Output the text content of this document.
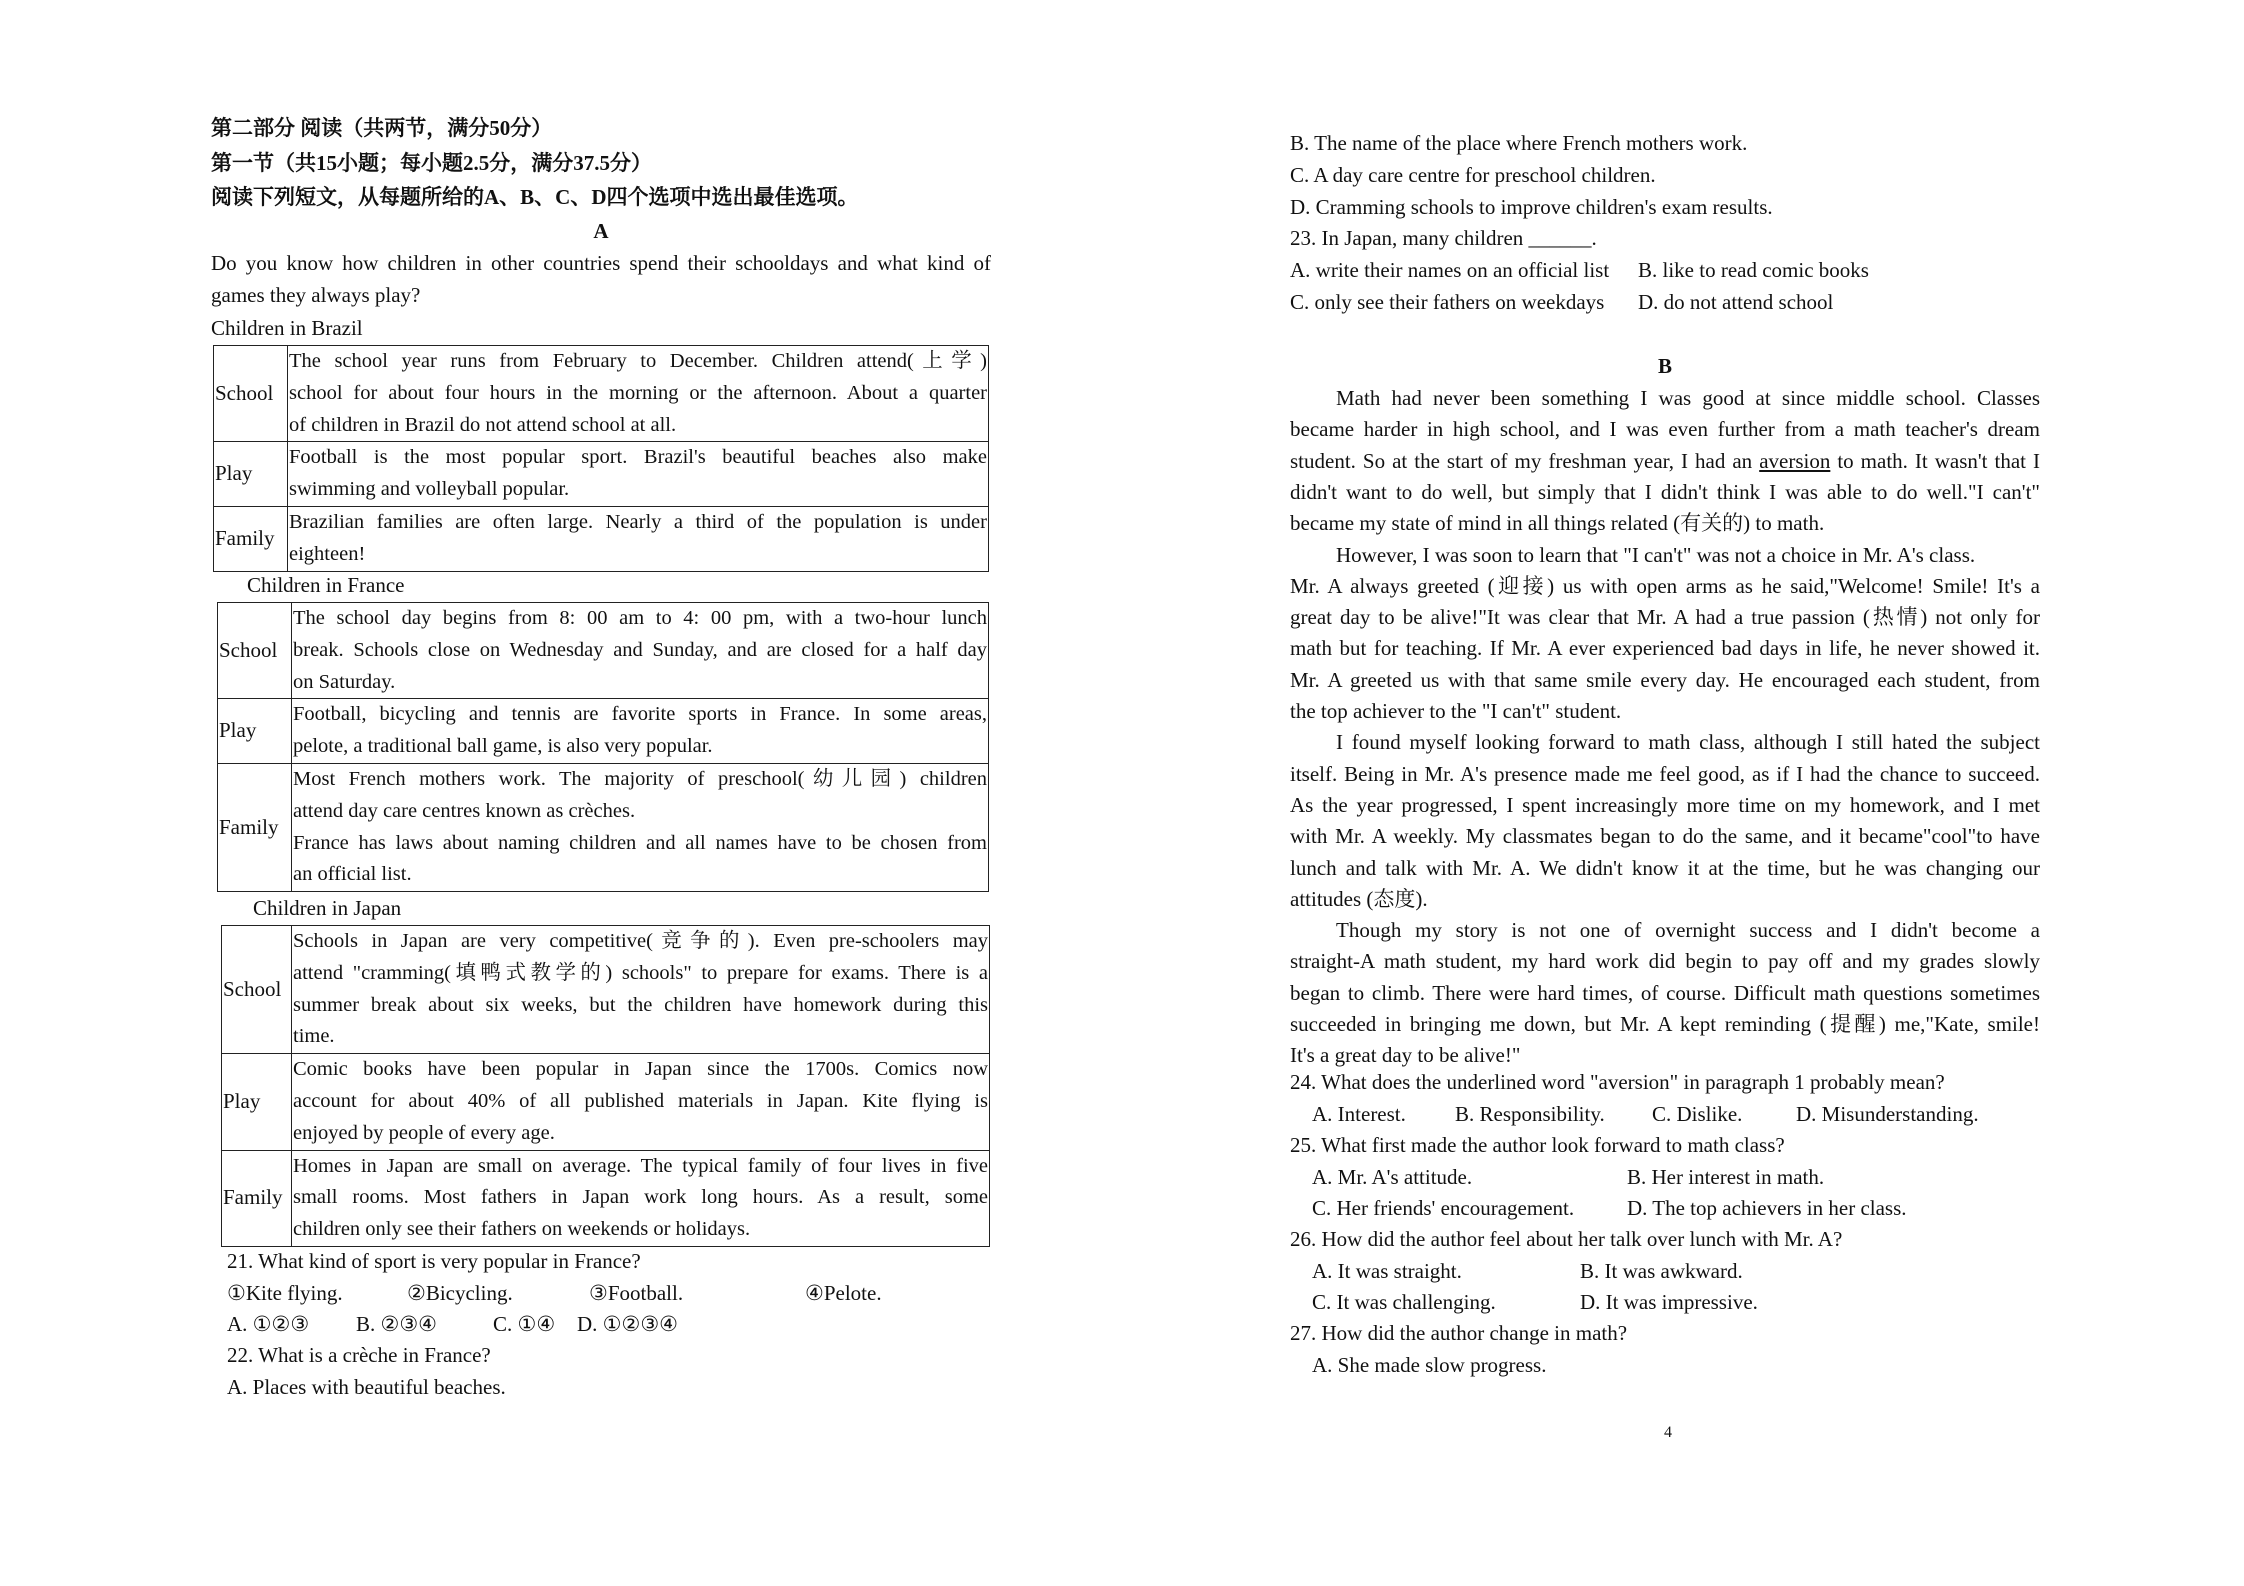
第二部分 阅读（共两节，满分50分）
第一节（共15小题；每小题2.5分，满分37.5分）
阅读下列短文，从每题所给的A、B、C、D四个选项中选出最佳选项。
A
Do you know how children in other countries spend their schooldays and what kind of
games they always play?
Children in Brazil
School	The school year runs from February to December. Children attend(上学)
school for about four hours in the morning or the afternoon. About a quarter
of children in Brazil do not attend school at all.

Play	Football is the most popular sport. Brazil's beautiful beaches also make
swimming and volleyball popular.

Family	Brazilian families are often large. Nearly a third of the population is under
eighteen!
Children in France
School	The school day begins from 8: 00 am to 4: 00 pm, with a two-hour lunch
break. Schools close on Wednesday and Sunday, and are closed for a half day
on Saturday.

Play	Football, bicycling and tennis are favorite sports in France. In some areas,
pelote, a traditional ball game, is also very popular.

Family	Most French mothers work. The majority of preschool(幼儿园) children
attend day care centres known as crèches.
France has laws about naming children and all names have to be chosen from
an official list.
Children in Japan
School	Schools in Japan are very competitive(竞争的). Even pre-schoolers may
attend "cramming(填鸭式教学的) schools" to prepare for exams. There is a
summer break about six weeks, but the children have homework during this
time.

Play	Comic books have been popular in Japan since the 1700s. Comics now
account for about 40% of all published materials in Japan. Kite flying is
enjoyed by people of every age.

Family	Homes in Japan are small on average. The typical family of four lives in five
small rooms. Most fathers in Japan work long hours. As a result, some
children only see their fathers on weekends or holidays.
21. What kind of sport is very popular in France?
①Kite flying.	②Bicycling.	③Football.	④Pelote.
A. ①②③ B. ②③④	C. ①④ D. ①②③④
22. What is a crèche in France?
A. Places with beautiful beaches.
B. The name of the place where French mothers work.
C. A day care centre for preschool children.
D. Cramming schools to improve children's exam results.
23. In Japan, many children ______.
A. write their names on an official list B. like to read comic books
C. only see their fathers on weekdays D. do not attend school
B
Math had never been something I was good at since middle school. Classes
became harder in high school, and I was even further from a math teacher's dream
student. So at the start of my freshman year, I had an aversion to math. It wasn't that I
didn't want to do well, but simply that I didn't think I was able to do well."I can't"
became my state of mind in all things related (有关的) to math.
However, I was soon to learn that "I can't" was not a choice in Mr. A's class.
Mr. A always greeted (迎接) us with open arms as he said,"Welcome! Smile! It's a
great day to be alive!"It was clear that Mr. A had a true passion (热情) not only for
math but for teaching. If Mr. A ever experienced bad days in life, he never showed it.
Mr. A greeted us with that same smile every day. He encouraged each student, from
the top achiever to the "I can't" student.
I found myself looking forward to math class, although I still hated the subject
itself. Being in Mr. A's presence made me feel good, as if I had the chance to succeed.
As the year progressed, I spent increasingly more time on my homework, and I met
with Mr. A weekly. My classmates began to do the same, and it became"cool"to have
lunch and talk with Mr. A. We didn't know it at the time, but he was changing our
attitudes (态度).
Though my story is not one of overnight success and I didn't become a
straight-A math student, my hard work did begin to pay off and my grades slowly
began to climb. There were hard times, of course. Difficult math questions sometimes
succeeded in bringing me down, but Mr. A kept reminding (提醒) me,"Kate, smile!
It's a great day to be alive!"
24. What does the underlined word "aversion" in paragraph 1 probably mean?
A. Interest. B. Responsibility. C. Dislike.	D. Misunderstanding.
25. What first made the author look forward to math class?
A. Mr. A's attitude.	B. Her interest in math.
C. Her friends' encouragement.	D. The top achievers in her class.
26. How did the author feel about her talk over lunch with Mr. A?
A. It was straight.	B. It was awkward.
C. It was challenging.	D. It was impressive.
27. How did the author change in math?
A. She made slow progress.
4
